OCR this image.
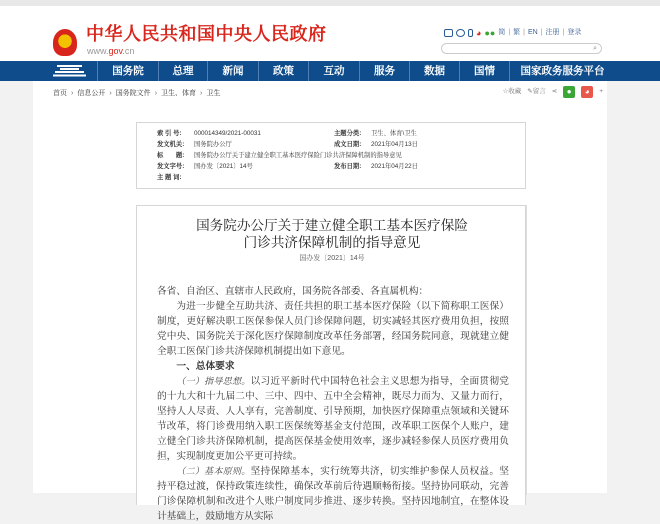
中华人民共和国中央人民政府
www.gov.cn
◕ ●● 简 | 繁 | EN | 注册 | 登录
⌕
国务院	总理	新闻	政策	互动	服务	数据	国情	国家政务服务平台
首页 › 信息公开 › 国务院文件 › 卫生、体育 › 卫生	☆收藏 ✎留言 ⋖	●	◕	+
索 引 号:	000014349/2021-00031	主题分类:	卫生、体育\卫生
发文机关:	国务院办公厅	成文日期:	2021年04月13日
标　　题:	国务院办公厅关于建立健全职工基本医疗保险门诊共济保障机制的指导意见
发文字号:	国办发〔2021〕14号	发布日期:	2021年04月22日
主 题 词:
国务院办公厅关于建立健全职工基本医疗保险
门诊共济保障机制的指导意见
国办发〔2021〕14号

各省、自治区、直辖市人民政府，国务院各部委、各直属机构：

为进一步健全互助共济、责任共担的职工基本医疗保险（以下简称职工医保）制度，更好解决职工医保参保人员门诊保障问题，切实减轻其医疗费用负担，按照党中央、国务院关于深化医疗保障制度改革任务部署，经国务院同意，现就建立健全职工医保门诊共济保障机制提出如下意见。

一、总体要求

（一）指导思想。以习近平新时代中国特色社会主义思想为指导，全面贯彻党的十九大和十九届二中、三中、四中、五中全会精神，既尽力而为、又量力而行，坚持人人尽责、人人享有，完善制度、引导预期，加快医疗保障重点领域和关键环节改革，将门诊费用纳入职工医保统筹基金支付范围，改革职工医保个人账户，建立健全门诊共济保障机制，提高医保基金使用效率，逐步减轻参保人员医疗费用负担，实现制度更加公平更可持续。

（二）基本原则。坚持保障基本，实行统筹共济，切实维护参保人员权益。坚持平稳过渡，保持政策连续性，确保改革前后待遇顺畅衔接。坚持协同联动，完善门诊保障机制和改进个人账户制度同步推进、逐步转换。坚持因地制宜，在整体设计基础上，鼓励地方从实际
